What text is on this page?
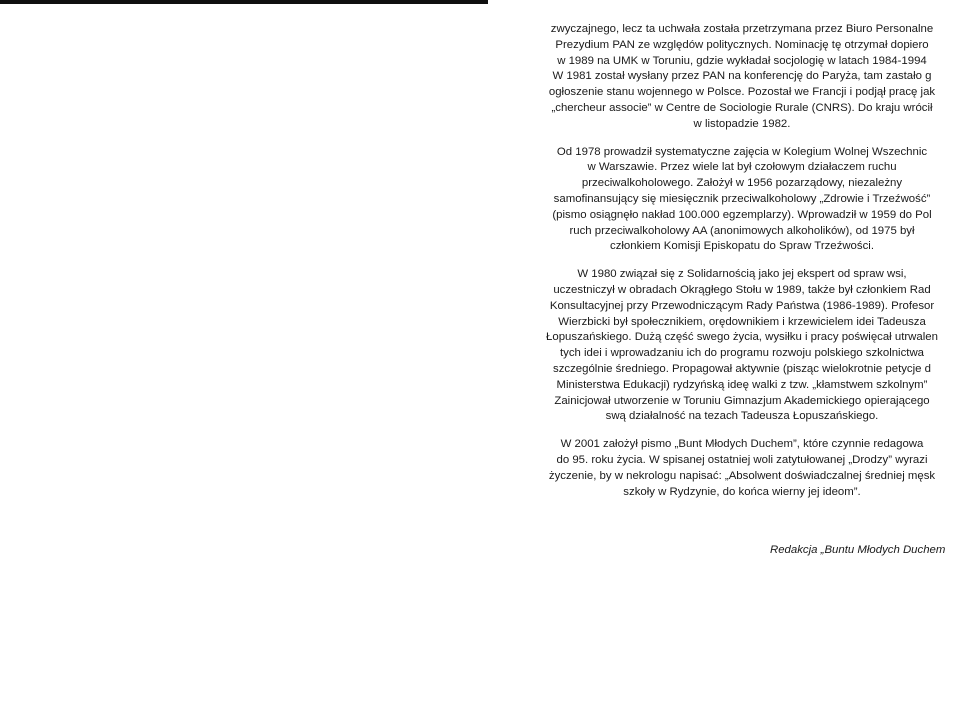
zwyczajnego, lecz ta uchwała została przetrzymana przez Biuro Personalne
Prezydium PAN ze względów politycznych. Nominację tę otrzymał dopiero
w 1989 na UMK w Toruniu, gdzie wykładał socjologię w latach 1984-1994
W 1981 został wysłany przez PAN na konferencję do Paryża, tam zastało g
ogłoszenie stanu wojennego w Polsce. Pozostał we Francji i podjął pracę jak
„chercheur associe” w Centre de Sociologie Rurale (CNRS). Do kraju wrócił
w listopadzie 1982.

Od 1978 prowadził systematyczne zajęcia w Kolegium Wolnej Wszechnic
w Warszawie. Przez wiele lat był czołowym działaczem ruchu
przeciwalkoholowego. Założył w 1956 pozarządowy, niezależny
samofinansujący się miesięcznik przeciwalkoholowy „Zdrowie i Trzeźwość”
(pismo osiągnęło nakład 100.000 egzemplarzy). Wprowadził w 1959 do Pol
ruch przeciwalkoholowy AA (anonimowych alkoholików), od 1975 był
członkiem Komisji Episkopatu do Spraw Trzeźwości.

W 1980 związał się z Solidarnością jako jej ekspert od spraw wsi,
uczestniczył w obradach Okrągłego Stołu w 1989, także był członkiem Rad
Konsultacyjnej przy Przewodniczącym Rady Państwa (1986-1989). Profesor
Wierzbicki był społecznikiem, orędownikiem i krzewicielem idei Tadeusza
Łopuszańskiego. Dużą część swego życia, wysiłku i pracy poświęcał utrwalen
tych idei i wprowadzaniu ich do programu rozwoju polskiego szkolnictwa
szczególnie średniego. Propagował aktywnie (pisząc wielokrotnie petycje d
Ministerstwa Edukacji) rydzyńską ideę walki z tzw. „kłamstwem szkolnym”
Zainicjował utworzenie w Toruniu Gimnazjum Akademickiego opierającego
swą działalność na tezach Tadeusza Łopuszańskiego.

W 2001 założył pismo „Bunt Młodych Duchem”, które czynnie redagowa
do 95. roku życia. W spisanej ostatniej woli zatytułowanej „Drodzy” wyrazi
życzenie, by w nekrologu napisać: „Absolwent doświadczalnej średniej męsk
szkoły w Rydzynie, do końca wierny jej ideom”.

Redakcja „Buntu Młodych Duchem
